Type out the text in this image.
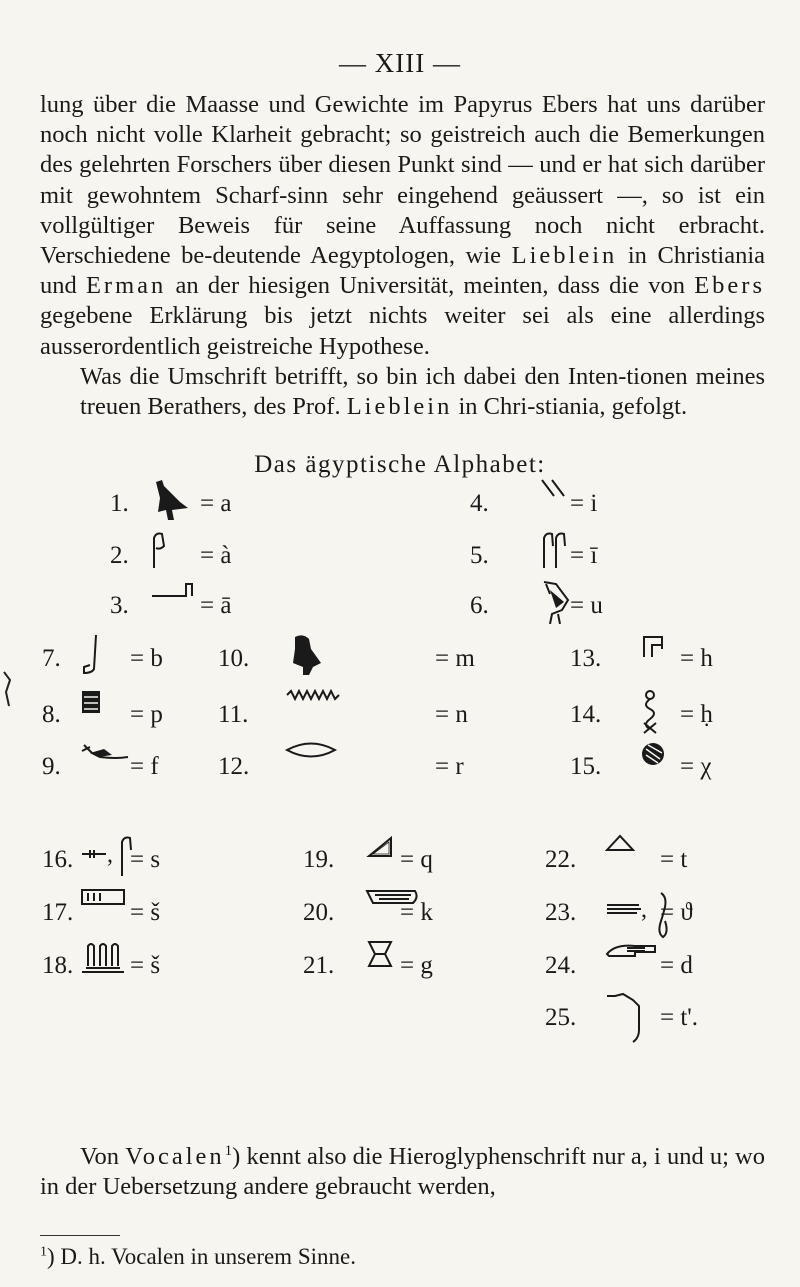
— XIII —
lung über die Maasse und Gewichte im Papyrus Ebers hat uns darüber noch nicht volle Klarheit gebracht; so geistreich auch die Bemerkungen des gelehrten Forschers über diesen Punkt sind — und er hat sich darüber mit gewohntem Scharf-sinn sehr eingehend geäussert —, so ist ein vollgültiger Beweis für seine Auffassung noch nicht erbracht. Verschiedene be-deutende Aegyptologen, wie Lieblein in Christiania und Erman an der hiesigen Universität, meinten, dass die von Ebers gegebene Erklärung bis jetzt nichts weiter sei als eine allerdings ausserordentlich geistreiche Hypothese.
Was die Umschrift betrifft, so bin ich dabei den Inten-tionen meines treuen Berathers, des Prof. Lieblein in Chri-stiania, gefolgt.
Das ägyptische Alphabet:
1.	= a
2.	= à
3.	= ā
4.	= i
5.	= ī
6.	= u
7.	= b
8.	= p
9.	= f
10.	= m
11.	= n
12.	= r
13.	= h
14.	= ḥ
15.	= χ
16. , = s
17. = š
18. = š
19.	= q
20.	= k
21.	= g
22.	= t
23.	, = ϑ
24.	= d
25.	= t'.
Von Vocalen$^1$) kennt also die Hieroglyphenschrift nur a, i und u; wo in der Uebersetzung andere gebraucht werden,
$^1$) D. h. Vocalen in unserem Sinne.
